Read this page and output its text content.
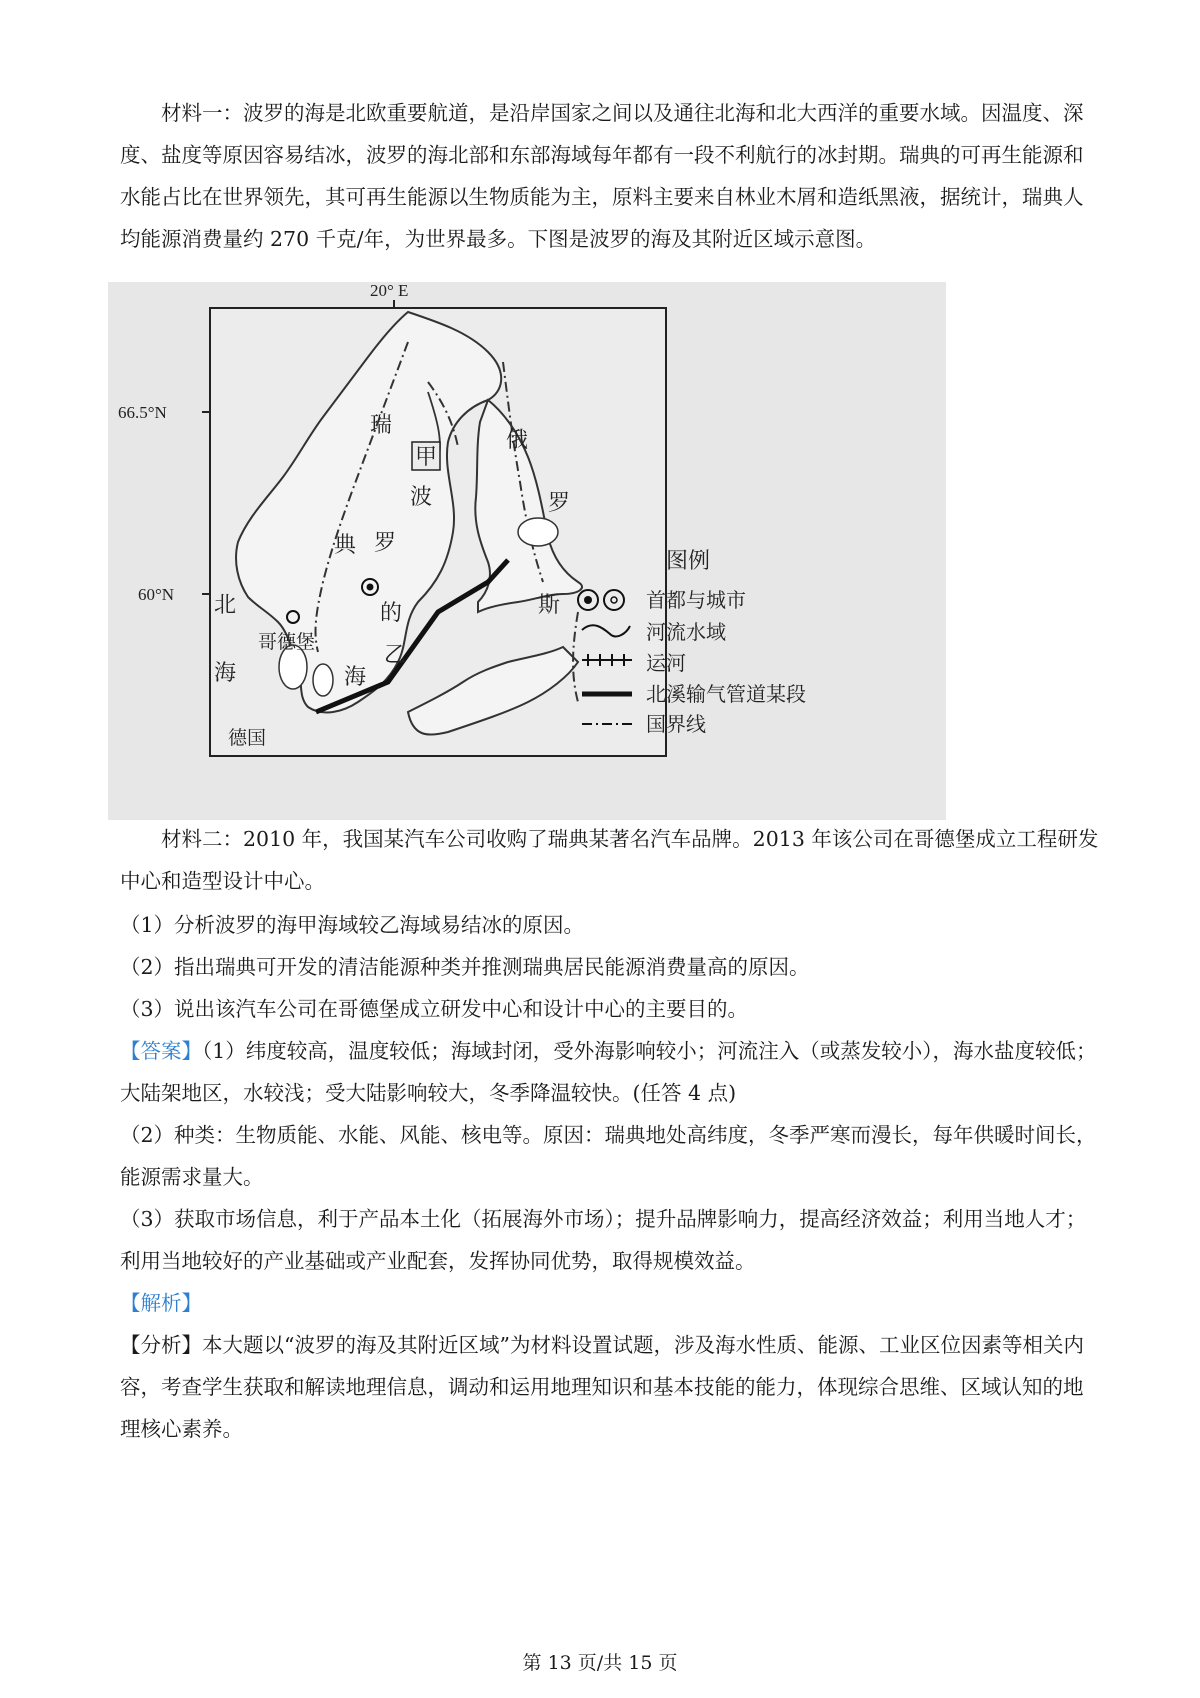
材料一：波罗的海是北欧重要航道，是沿岸国家之间以及通往北海和北大西洋的重要水域。因温度、深度、盐度等原因容易结冰，波罗的海北部和东部海域每年都有一段不利航行的冰封期。瑞典的可再生能源和水能占比在世界领先，其可再生能源以生物质能为主，原料主要来自林业木屑和造纸黑液，据统计，瑞典人均能源消费量约 270 千克/年，为世界最多。下图是波罗的海及其附近区域示意图。

20° E
66.5°N
60°N
瑞
典
甲
俄
罗
斯
波
罗
的
海
乙
北
海
哥德堡
德国
图例
首都与城市
河流水域
运河
北溪输气管道某段
国界线

材料二：2010 年，我国某汽车公司收购了瑞典某著名汽车品牌。2013 年该公司在哥德堡成立工程研发中心和造型设计中心。

（1）分析波罗的海甲海域较乙海域易结冰的原因。

（2）指出瑞典可开发的清洁能源种类并推测瑞典居民能源消费量高的原因。

（3）说出该汽车公司在哥德堡成立研发中心和设计中心的主要目的。

【答案】（1）纬度较高，温度较低；海域封闭，受外海影响较小；河流注入（或蒸发较小），海水盐度较低；大陆架地区，水较浅；受大陆影响较大，冬季降温较快。(任答 4 点)

（2）种类：生物质能、水能、风能、核电等。原因：瑞典地处高纬度，冬季严寒而漫长，每年供暖时间长，能源需求量大。

（3）获取市场信息，利于产品本土化（拓展海外市场）；提升品牌影响力，提高经济效益；利用当地人才；利用当地较好的产业基础或产业配套，发挥协同优势，取得规模效益。

【解析】

【分析】本大题以“波罗的海及其附近区域”为材料设置试题，涉及海水性质、能源、工业区位因素等相关内容，考查学生获取和解读地理信息，调动和运用地理知识和基本技能的能力，体现综合思维、区域认知的地理核心素养。

第 13 页/共 15 页
